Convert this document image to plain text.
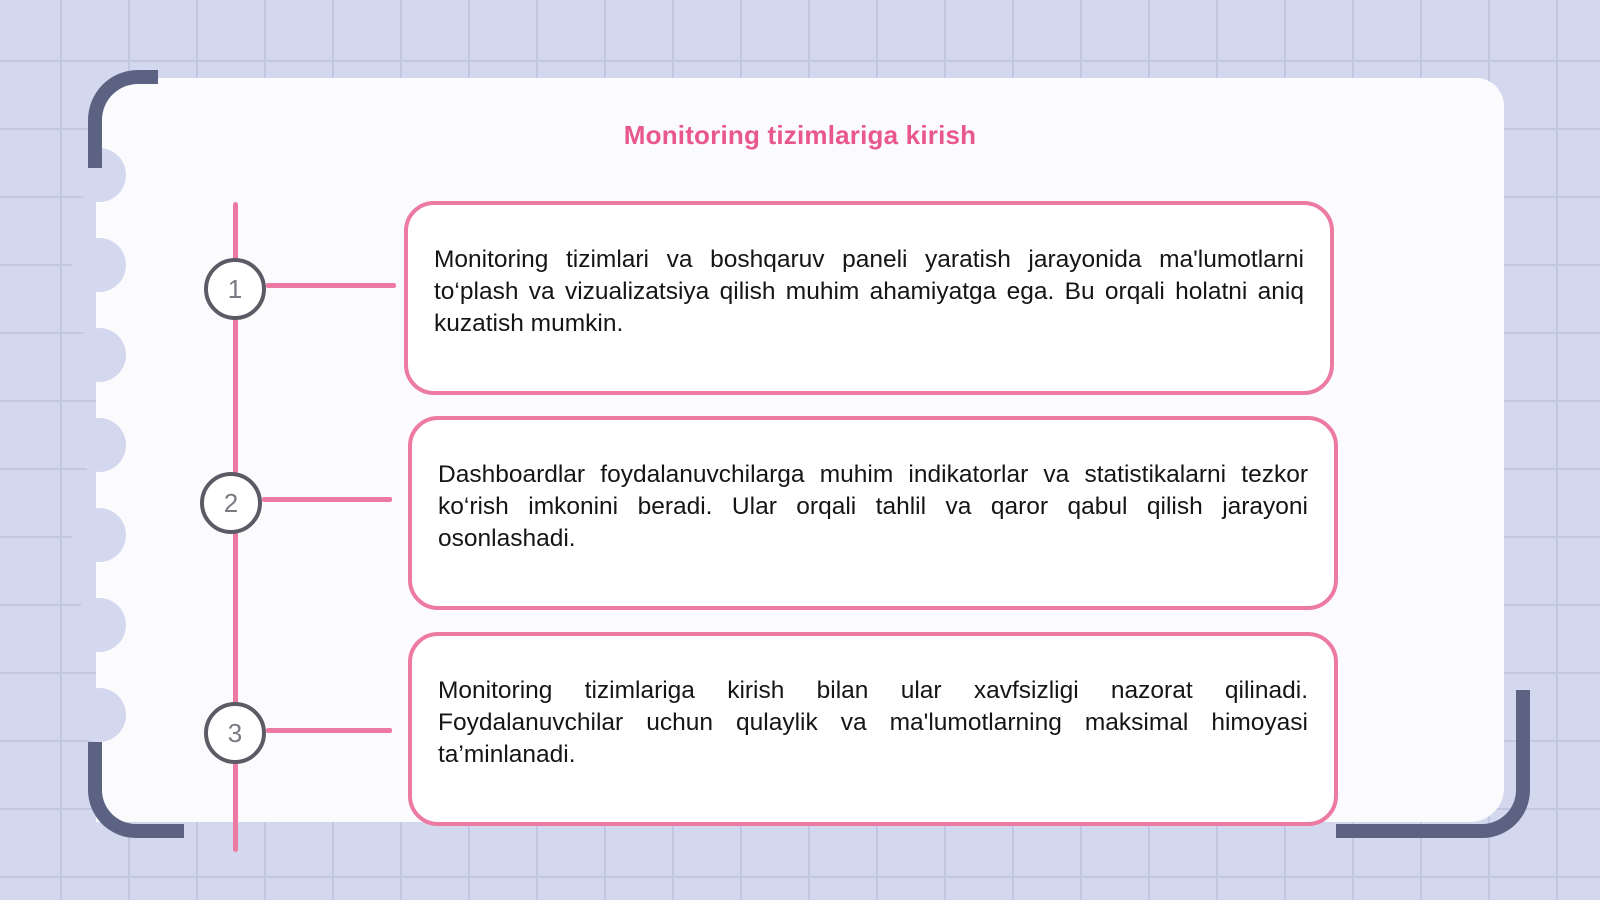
Monitoring tizimlariga kirish
1

Monitoring tizimlari va boshqaruv paneli yaratish jarayonida ma'lumotlarni to‘plash va vizualizatsiya qilish muhim ahamiyatga ega. Bu orqali holatni aniq kuzatish mumkin.

2

Dashboardlar foydalanuvchilarga muhim indikatorlar va statistikalarni tezkor ko‘rish imkonini beradi. Ular orqali tahlil va qaror qabul qilish jarayoni osonlashadi.

3

Monitoring tizimlariga kirish bilan ular xavfsizligi nazorat qilinadi. Foydalanuvchilar uchun qulaylik va ma'lumotlarning maksimal himoyasi ta’minlanadi.
